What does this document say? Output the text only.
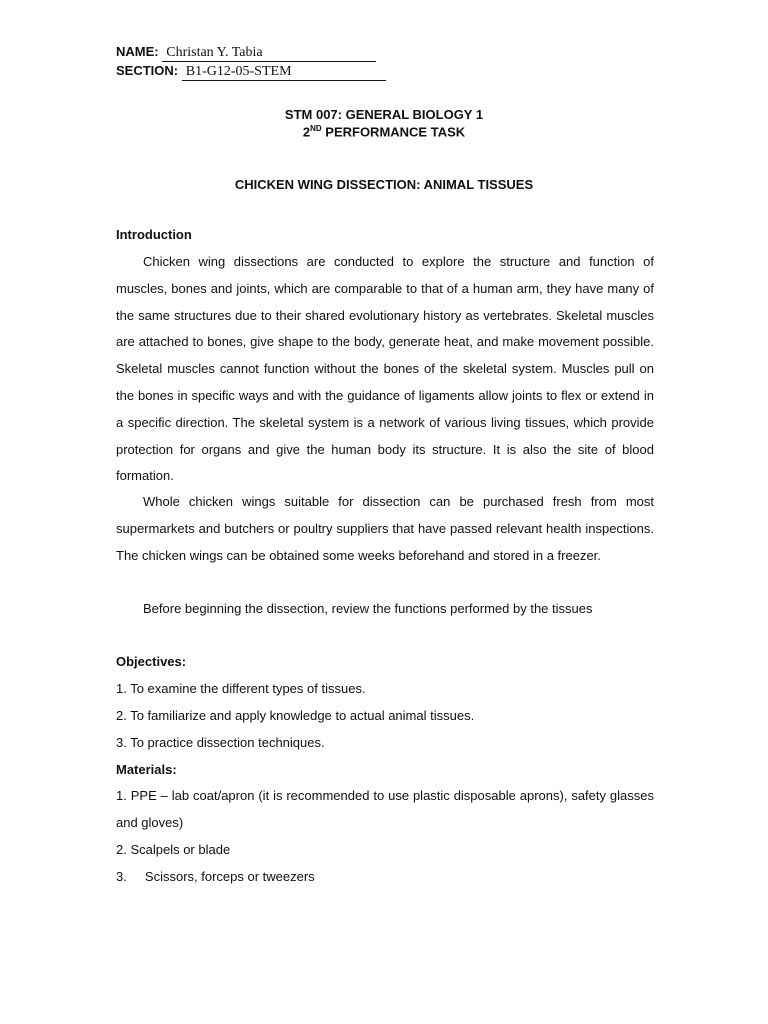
NAME: Christan Y. Tabia
SECTION: B1-G12-05-STEM
STM 007: GENERAL BIOLOGY 1
2ND PERFORMANCE TASK
CHICKEN WING DISSECTION: ANIMAL TISSUES
Introduction
Chicken wing dissections are conducted to explore the structure and function of muscles, bones and joints, which are comparable to that of a human arm, they have many of the same structures due to their shared evolutionary history as vertebrates. Skeletal muscles are attached to bones, give shape to the body, generate heat, and make movement possible. Skeletal muscles cannot function without the bones of the skeletal system. Muscles pull on the bones in specific ways and with the guidance of ligaments allow joints to flex or extend in a specific direction. The skeletal system is a network of various living tissues, which provide protection for organs and give the human body its structure. It is also the site of blood formation.
Whole chicken wings suitable for dissection can be purchased fresh from most supermarkets and butchers or poultry suppliers that have passed relevant health inspections. The chicken wings can be obtained some weeks beforehand and stored in a freezer.
Before beginning the dissection, review the functions performed by the tissues
Objectives:
1. To examine the different types of tissues.
2. To familiarize and apply knowledge to actual animal tissues.
3. To practice dissection techniques.
Materials:
1. PPE – lab coat/apron (it is recommended to use plastic disposable aprons), safety glasses and gloves)
2. Scalpels or blade
3.     Scissors, forceps or tweezers
